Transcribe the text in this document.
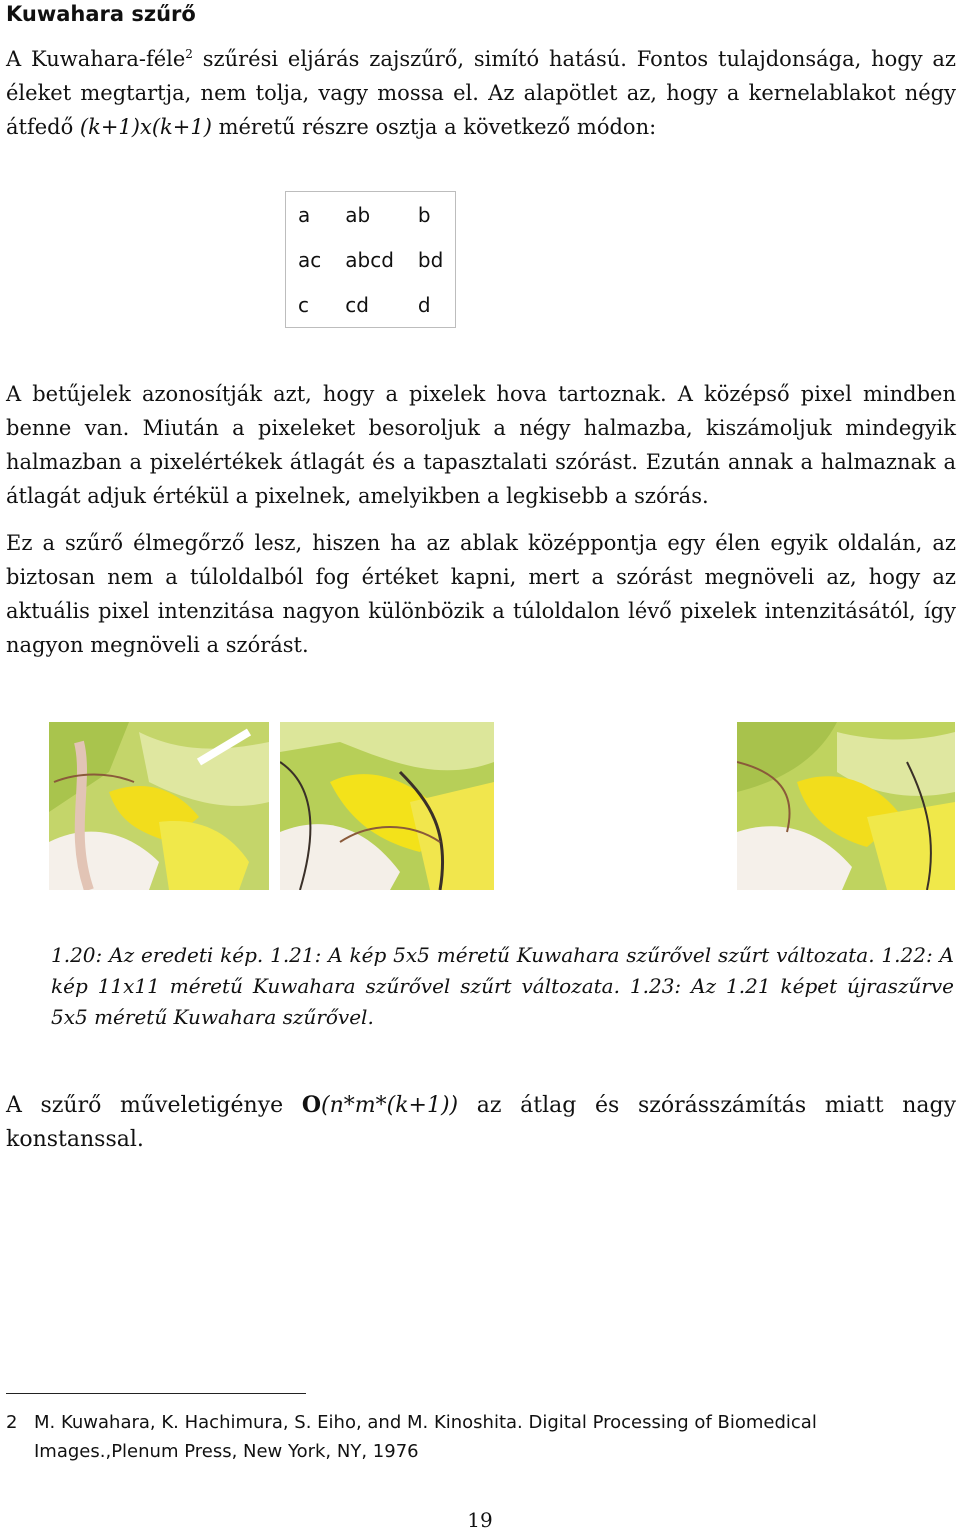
Kuwahara szűrő

A Kuwahara-féle$^2$ szűrési eljárás zajszűrő, simító hatású. Fontos tulajdonsága, hogy az éleket megtartja, nem tolja, vagy mossa el. Az alapötlet az, hogy a kernelablakot négy átfedő (k+1)x(k+1) méretű részre osztja a következő módon:

a	ab	b
ac	abcd	bd
c	cd	d

A betűjelek azonosítják azt, hogy a pixelek hova tartoznak. A középső pixel mindben benne van. Miután a pixeleket besoroljuk a négy halmazba, kiszámoljuk mindegyik halmazban a pixelértékek átlagát és a tapasztalati szórást. Ezután annak a halmaznak a átlagát adjuk értékül a pixelnek, amelyikben a legkisebb a szórás.

Ez a szűrő élmegőrző lesz, hiszen ha az ablak középpontja egy élen egyik oldalán, az biztosan nem a túloldalból fog értéket kapni, mert a szórást megnöveli az, hogy az aktuális pixel intenzitása nagyon különbözik a túloldalon lévő pixelek intenzitásától, így nagyon megnöveli a szórást.

1.20: Az eredeti kép. 1.21: A kép 5x5 méretű Kuwahara szűrővel szűrt változata. 1.22: A kép 11x11 méretű Kuwahara szűrővel szűrt változata. 1.23: Az 1.21 képet újraszűrve 5x5 méretű Kuwahara szűrővel.

A szűrő műveletigénye O(n*m*(k+1)) az átlag és szórásszámítás miatt nagy konstanssal.

2 M. Kuwahara, K. Hachimura, S. Eiho, and M. Kinoshita. Digital Processing of Biomedical Images.,Plenum Press, New York, NY, 1976
19
